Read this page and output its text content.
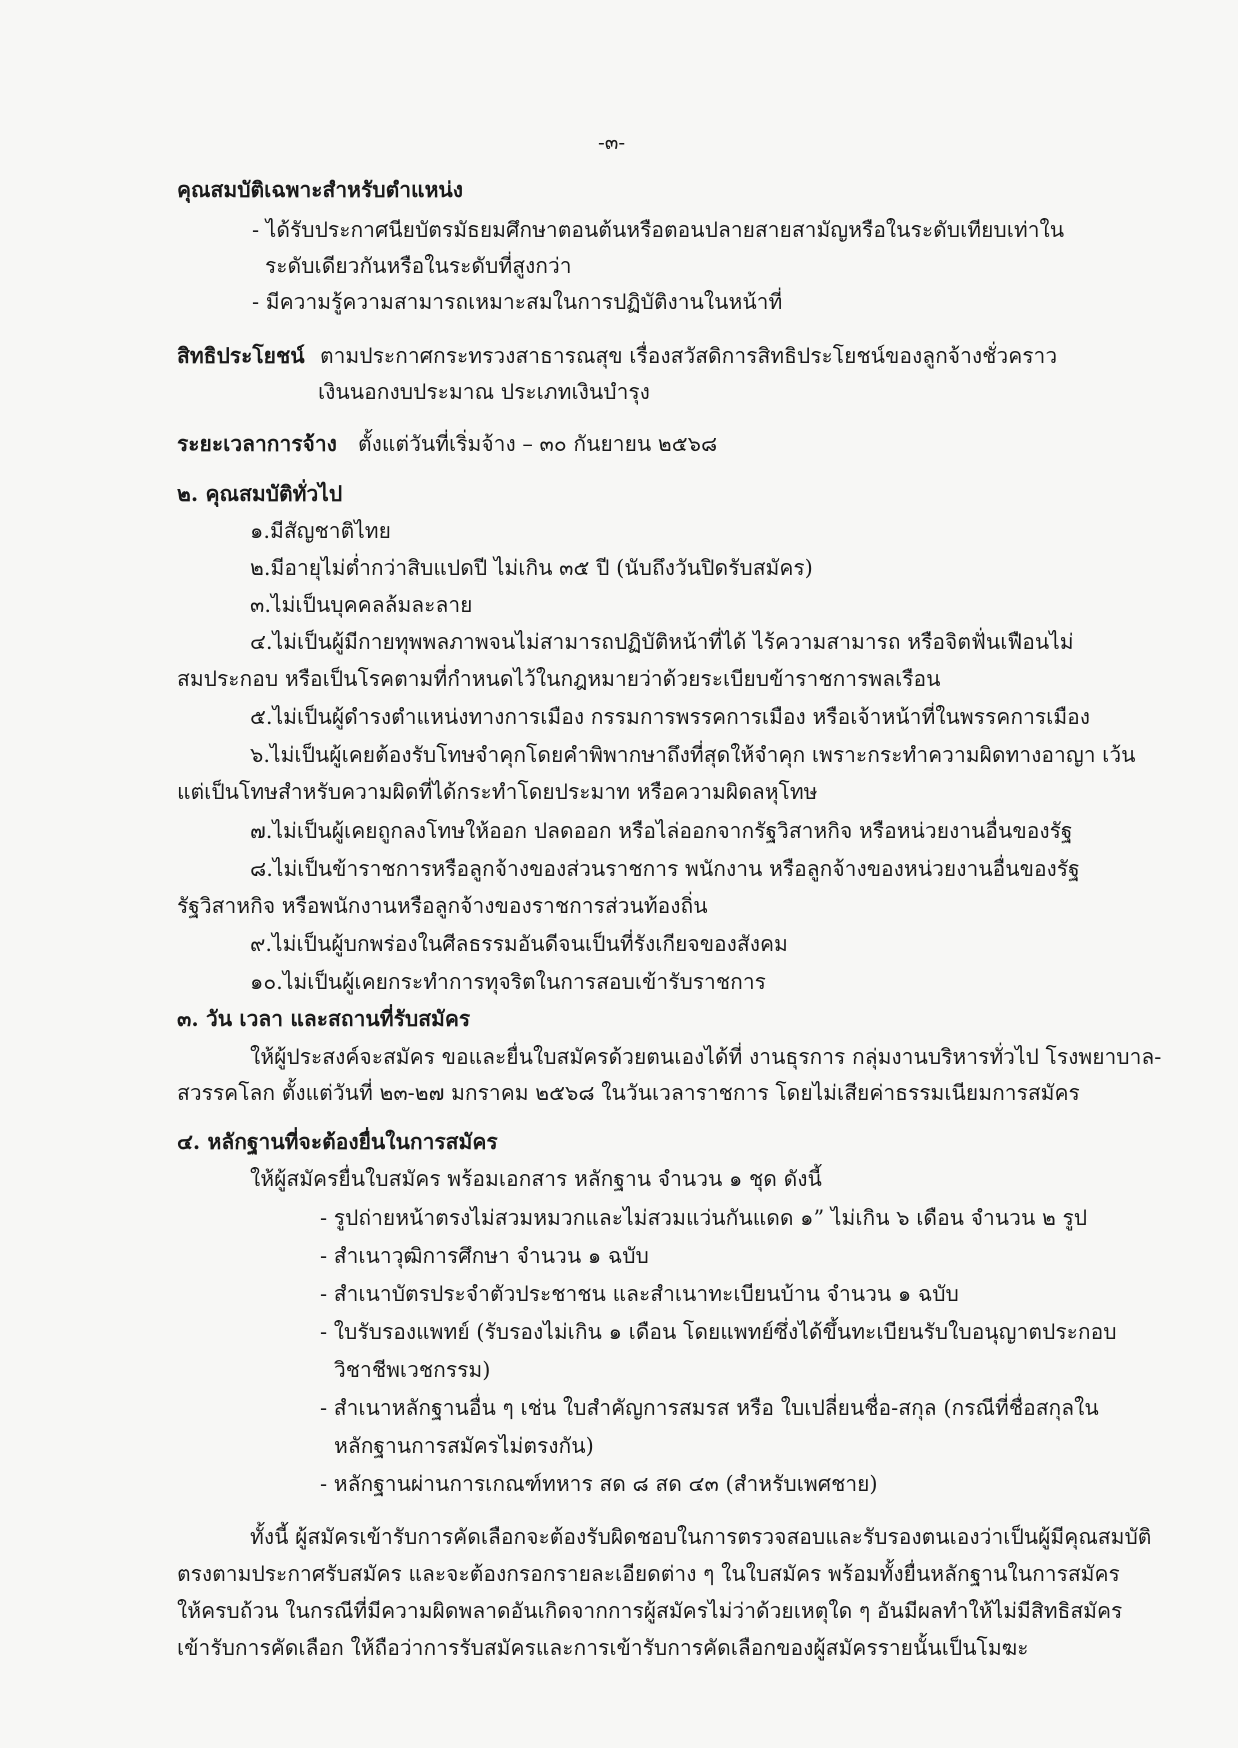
-๓-
คุณสมบัติเฉพาะสำหรับตำแหน่ง
- ได้รับประกาศนียบัตรมัธยมศึกษาตอนต้นหรือตอนปลายสายสามัญหรือในระดับเทียบเท่าใน
ระดับเดียวกันหรือในระดับที่สูงกว่า
- มีความรู้ความสามารถเหมาะสมในการปฏิบัติงานในหน้าที่
สิทธิประโยชน์ ตามประกาศกระทรวงสาธารณสุข เรื่องสวัสดิการสิทธิประโยชน์ของลูกจ้างชั่วคราว
เงินนอกงบประมาณ ประเภทเงินบำรุง
ระยะเวลาการจ้าง ตั้งแต่วันที่เริ่มจ้าง – ๓๐ กันยายน ๒๕๖๘
๒. คุณสมบัติทั่วไป
๑.มีสัญชาติไทย
๒.มีอายุไม่ต่ำกว่าสิบแปดปี ไม่เกิน ๓๕ ปี (นับถึงวันปิดรับสมัคร)
๓.ไม่เป็นบุคคลล้มละลาย
๔.ไม่เป็นผู้มีกายทุพพลภาพจนไม่สามารถปฏิบัติหน้าที่ได้ ไร้ความสามารถ หรือจิตฟั่นเฟือนไม่
สมประกอบ หรือเป็นโรคตามที่กำหนดไว้ในกฎหมายว่าด้วยระเบียบข้าราชการพลเรือน
๕.ไม่เป็นผู้ดำรงตำแหน่งทางการเมือง กรรมการพรรคการเมือง หรือเจ้าหน้าที่ในพรรคการเมือง
๖.ไม่เป็นผู้เคยต้องรับโทษจำคุกโดยคำพิพากษาถึงที่สุดให้จำคุก เพราะกระทำความผิดทางอาญา เว้น
แต่เป็นโทษสำหรับความผิดที่ได้กระทำโดยประมาท หรือความผิดลหุโทษ
๗.ไม่เป็นผู้เคยถูกลงโทษให้ออก ปลดออก หรือไล่ออกจากรัฐวิสาหกิจ หรือหน่วยงานอื่นของรัฐ
๘.ไม่เป็นข้าราชการหรือลูกจ้างของส่วนราชการ พนักงาน หรือลูกจ้างของหน่วยงานอื่นของรัฐ
รัฐวิสาหกิจ หรือพนักงานหรือลูกจ้างของราชการส่วนท้องถิ่น
๙.ไม่เป็นผู้บกพร่องในศีลธรรมอันดีจนเป็นที่รังเกียจของสังคม
๑๐.ไม่เป็นผู้เคยกระทำการทุจริตในการสอบเข้ารับราชการ
๓. วัน เวลา และสถานที่รับสมัคร
ให้ผู้ประสงค์จะสมัคร ขอและยื่นใบสมัครด้วยตนเองได้ที่ งานธุรการ กลุ่มงานบริหารทั่วไป โรงพยาบาล-
สวรรคโลก ตั้งแต่วันที่ ๒๓-๒๗ มกราคม ๒๕๖๘ ในวันเวลาราชการ โดยไม่เสียค่าธรรมเนียมการสมัคร
๔. หลักฐานที่จะต้องยื่นในการสมัคร
ให้ผู้สมัครยื่นใบสมัคร พร้อมเอกสาร หลักฐาน จำนวน ๑ ชุด ดังนี้
- รูปถ่ายหน้าตรงไม่สวมหมวกและไม่สวมแว่นกันแดด ๑” ไม่เกิน ๖ เดือน จำนวน ๒ รูป
- สำเนาวุฒิการศึกษา จำนวน ๑ ฉบับ
- สำเนาบัตรประจำตัวประชาชน และสำเนาทะเบียนบ้าน จำนวน ๑ ฉบับ
- ใบรับรองแพทย์ (รับรองไม่เกิน ๑ เดือน โดยแพทย์ซึ่งได้ขึ้นทะเบียนรับใบอนุญาตประกอบ
วิชาชีพเวชกรรม)
- สำเนาหลักฐานอื่น ๆ เช่น ใบสำคัญการสมรส หรือ ใบเปลี่ยนชื่อ-สกุล (กรณีที่ชื่อสกุลใน
หลักฐานการสมัครไม่ตรงกัน)
- หลักฐานผ่านการเกณฑ์ทหาร สด ๘ สด ๔๓ (สำหรับเพศชาย)
ทั้งนี้ ผู้สมัครเข้ารับการคัดเลือกจะต้องรับผิดชอบในการตรวจสอบและรับรองตนเองว่าเป็นผู้มีคุณสมบัติ
ตรงตามประกาศรับสมัคร และจะต้องกรอกรายละเอียดต่าง ๆ ในใบสมัคร พร้อมทั้งยื่นหลักฐานในการสมัคร
ให้ครบถ้วน ในกรณีที่มีความผิดพลาดอันเกิดจากการผู้สมัครไม่ว่าด้วยเหตุใด ๆ อันมีผลทำให้ไม่มีสิทธิสมัคร
เข้ารับการคัดเลือก ให้ถือว่าการรับสมัครและการเข้ารับการคัดเลือกของผู้สมัครรายนั้นเป็นโมฆะ
